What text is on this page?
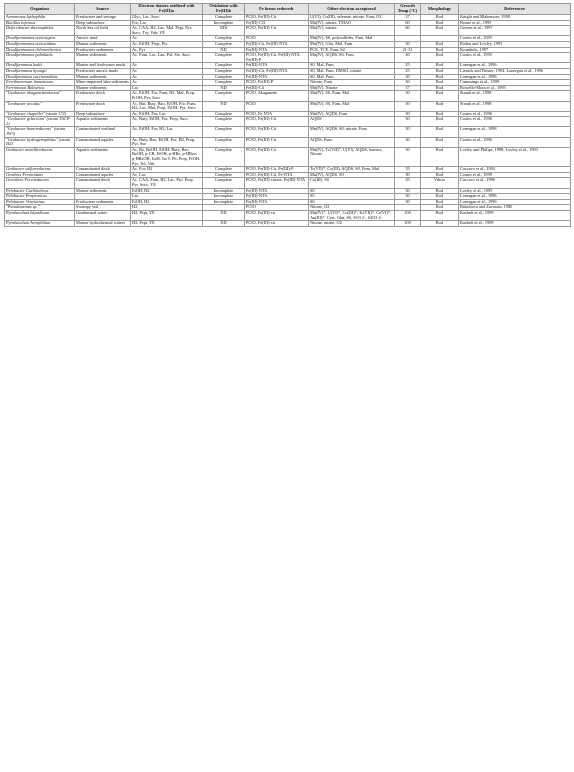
Organism	Source	Electron donors oxidized with Fe(III)a	Oxidation with Fe(III)b	Fe forms reducedc	Other electron acceptorsd	Growth Temp (°C)	Morphology	Referencee
Aeromonas hydrophila	Freshwater and sewage	Glyc, Lac, Succ	Complete	PCIO, Fe(III)-Cit	U(VI), Co(III), selenate, nitrate, Fum, O2	37	Rod	Knight and Blakemore, 1998
Bacillus infernus	Deep subsurface	For, Lac	Incomplete	Fe(III)-Cl3	Mn(IV), nitrate, TMAO	60	Rod	Boone et al., 1995
Deferribacter thermophilus	North Sea oil field	Ac, CAA, H2, Lac, Mal, Pept, Pyr, Succ, Try, Valr, YE	NDf	PCIO, Fe(III)-Cit	Mn(IV), nitrate	60	Rod	Greene et al., 1997
Desulfuromonas acetexigens	Anoxic mud	Ac	Complete	PCIO	Mn(IV), S0, polysulfides, Fum, Mal			Coates et al., 1995
Desulfuromonas acetoxidans	Marine sediments	Ac, EtOH, Prop, Pyr	Complete	Fe(III)-Cit, Fe(III)-NTA	Mn(IV), Glut, Mal, Fum	30	Rod	Roden and Lovley, 1993
Desulfuromonas chloroethenica	Freshwater sediments	Ac, Pyr	ND	Fe(III)-NTA	PCE, TCE, Fum, S2-	21-31	Rod	Krumholz, 1997
Desulfuromonas palmitatis	Marine sediments	Ac, Fum, Lac, Lau, Pal, Ste, Succ	Complete	PCIO, Fe(III)-Cit, Fe(III)-NTA, Fe(III)-P	Mn(IV), AQDS, S0, Fum	40	Rod	Coates et al., 1995
Desulfuromusa bakii	Marine and freshwater muds	Ac	Complete	Fe(III)-NTA	S0, Mal, Fum	25	Rod	Lonergan et al., 1996
Desulfuromusa kysingii	Freshwater anoxic muds	Ac	Complete	Fe(III)-Cit, Fe(III)-NTA	S0, Mal, Fum, DMSO, nitrate	25	Rod	Liesack and Finster, 1994; Lonergan et al., 1996
Desulfuromusa succinoxidans	Marine sediments	Ac	Complete	Fe(III)-NTA	S0, Mal, Fum	30	Rod	Lonergan et al., 1996
Ferribacterium limneticum	Mine-impacted lake sediments	Ac	Complete	PCIO, Fe(III)-P	Nitrate, Fum	30	Rod	Cummings et al., 1999
Ferrimonas Balearica	Marine sediments	Lac	ND	Fe(III)-Cit	Mn(IV), Nitrate	37	Rod	Rossello-Mora et al., 1995
"Geobacter akaganeitreducens"	Freshwater ditch	Ac, EtOH, For, Fum, H2, Mal, Prop, PrOH, Pyr, Succ	Complete	PCIO, Akaganeite	Mn(IV), S0, Fum, Mal	30	Rod	Straub et al., 1998
"Geobacter arculus"	Freshwater ditch	Ac, But, Buty, Bzo, EtOH, For, Fum, H2, Lac, Mal, Prop, PrOH, Pyr, Succ	ND	PCIO	Mn(IV), S0, Fum, Mal	30	Rod	Straub et al., 1998
"Geobacter chapellei" (strain 172)	Deep subsurface	Ac, EtOH, For, Lac	Complete	PCIO, Fe-NTA	Mn(IV), AQDS, Fum	30	Rod	Coates et al., 1996
"Geobacter grbiciium" (strain TACP-2)	Aquatic sediments	Ac, Buty, EtOH, For, Prop, Succ	Complete	PCIO, Fe(III)-Cit	AQDS	30	Rod	Coates et al., 1996
"Geobacter humireducens" (strain JW3)	Contaminated wetland	Ac, EtOH, For, H2, Lac	Complete	PCIO, Fe(III)-Cit	Mn(IV), AQDS, S0, nitrate, Fum	30	Rod	Lonergan et al., 1998
"Geobacter hydrogenophilus" (strain H2)	Contaminated aquifer	Ac, Buty, Bzo, EtOH, For, H2, Prop, Pyr, Suc	Complete	PCIO, Fe(III)-Cit	AQDS, Fum	30	Rod	Coates et al., 1996
Geobacter metallireducens	Aquatic sediments	Ac, Bz, BzOH, EtOH, Buty, Bzo, BzOH, p-CR, EtOH, p-HBz, p-HBzo, p-HBzOH, IsoB, IsoV, Ph, Prop, PrOH, Pyr, Tol, Valr	Complete	PCIO, Fe(III)-Cit	Mn(IV), Tc(VII)*, U(VI), AQDS, humics, Nitrate	30	Rod	Lovley and Philips, 1988; Lovley et al., 1993
Geobacter sulfurreducens	Contaminated ditch	Ac, For, H2	Complete	PCIO, Fe(III)-Cit, Fe(III)-P	Tc(VII)*, Co(III), AQDS, S0, Fum, Mal	35	Rod	Caccavo et al., 1994
Geothrix Fermentans	Contaminated aquifer	Ac, Lac	Complete	PCIO, Fe(III)-Cit, Fe-NTA	Mn(IV), AQDS, S0	30	Rod	Coates et al., 1999
Geovibrio Ferrireducens	Contaminated ditch	Ac, CAA, Fum, H2, Lac, Pro, Prop, Pyr, Succ, YE	Complete	PCIO, Fe(III)-citrate, Fe(III)-NTA	Co(III), S0	35	Vibrio	Caccavo et al., 1996
Pelobacter Carbinolicus	Marine sediments	EtOH, H2	Incomplete	Fe(III)-NTA	S0	30	Rod	Lovley et al., 1995
Pelobacter Propionicus		Lac	Incomplete	Fe(III)-NTA	S0	30	Rod	Lonergan et al., 1996
Pelobacter Venetianus	Freshwater sediments	EtOH, H2	Incomplete	Fe(III)-NTA	S0	30	Rod	Lonergan et al., 1996
"Pseudomonas sp."	Swampy soil	H2		PCIO	Nitrate, O2		Rod	Balashova and Zavarzin, 1980
Pyrobaculum Islandicum	Geothermal water	H2, Pept, YE	ND	PCIO, Fe(III)-cit	Mn(IV)*, U(VI)*, Co(III)*, Tc(VII)*, Cr(VI)*, Au(III)*, Cyst, Glut, S0, SO3 2-, S2O3 2-	100	Rod	Kashefi et al., 1999
Pyrobaculum Aerophilum	Marine hydrothermal waters	H2, Pept, YE	ND	PCIO, Fe(III)-cit	Nitrate, nitrite, O2	100	Rod	Kashefi et al., 1999
